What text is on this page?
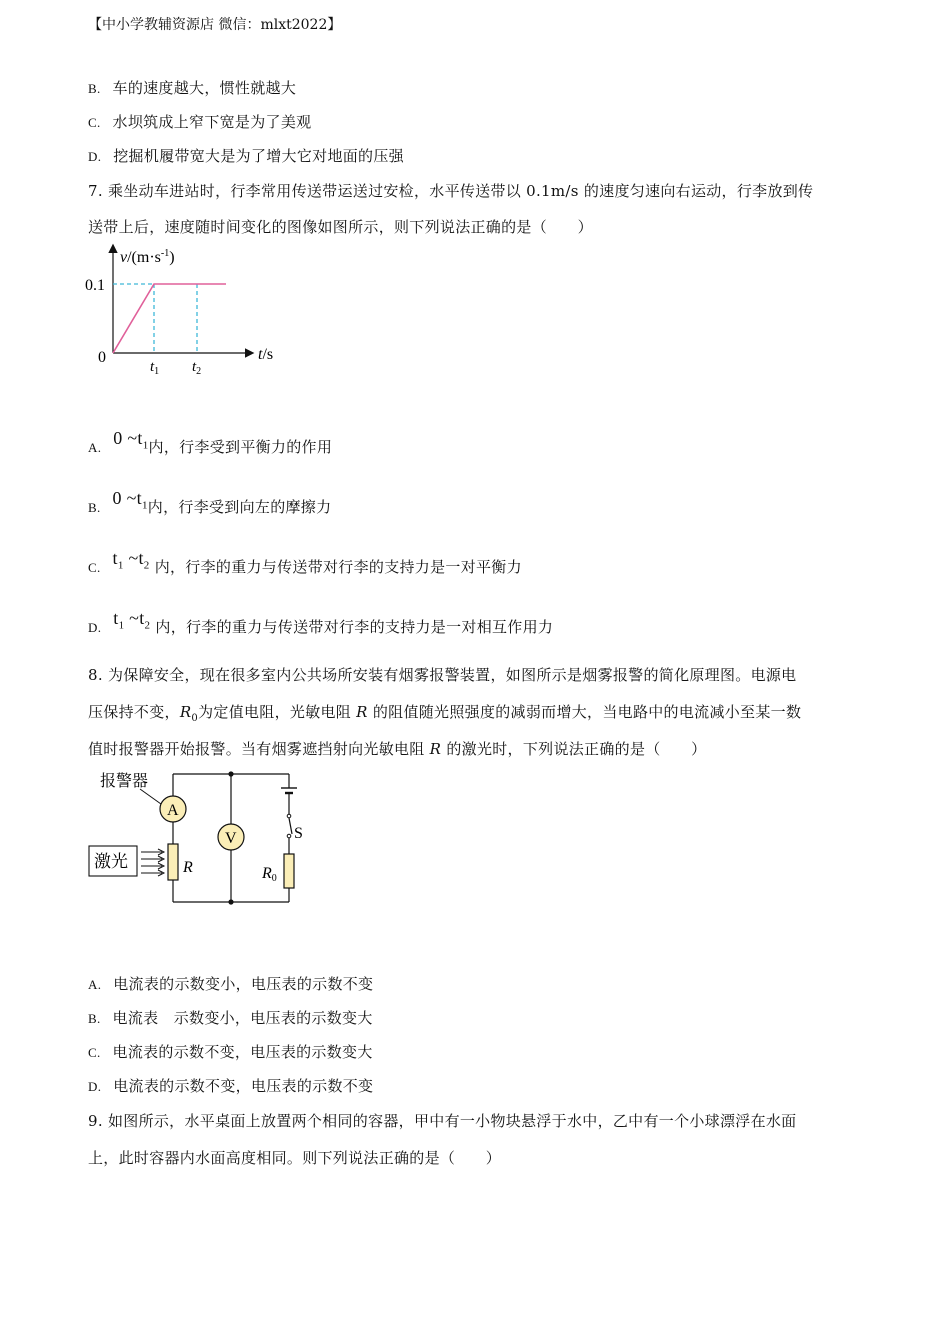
【中小学教辅资源店 微信：mlxt2022】
B. 车的速度越大，惯性就越大
C. 水坝筑成上窄下宽是为了美观
D. 挖掘机履带宽大是为了增大它对地面的压强
7. 乘坐动车进站时，行李常用传送带运送过安检，水平传送带以 0.1m/s 的速度匀速向右运动，行李放到传
送带上后，速度随时间变化的图像如图所示，则下列说法正确的是（　　）
$v/(m\cdot s^{-1})$
0.1
0
$t_1$ $t_2$
t/s
A. 0 $\sim t_1$内，行李受到平衡力的作用
B. 0 $\sim t_1$内，行李受到向左的摩擦力
C. $t_1$ $\sim t_2$ 内，行李的重力与传送带对行李的支持力是一对平衡力
D. $t_1$ $\sim t_2$ 内，行李的重力与传送带对行李的支持力是一对相互作用力
8. 为保障安全，现在很多室内公共场所安装有烟雾报警装置，如图所示是烟雾报警的简化原理图。电源电
压保持不变，$R_0$为定值电阻，光敏电阻 R 的阻值随光照强度的减弱而增大，当电路中的电流减小至某一数
值时报警器开始报警。当有烟雾遮挡射向光敏电阻 R 的激光时，下列说法正确的是（　　）
A
V
报警器
激光	R	R0
S
A. 电流表的示数变小，电压表的示数不变
B. 电流表　示数变小，电压表的示数变大
C. 电流表的示数不变，电压表的示数变大
D. 电流表的示数不变，电压表的示数不变
9. 如图所示，水平桌面上放置两个相同的容器，甲中有一小物块悬浮于水中，乙中有一个小球漂浮在水面
上，此时容器内水面高度相同。则下列说法正确的是（　　）
